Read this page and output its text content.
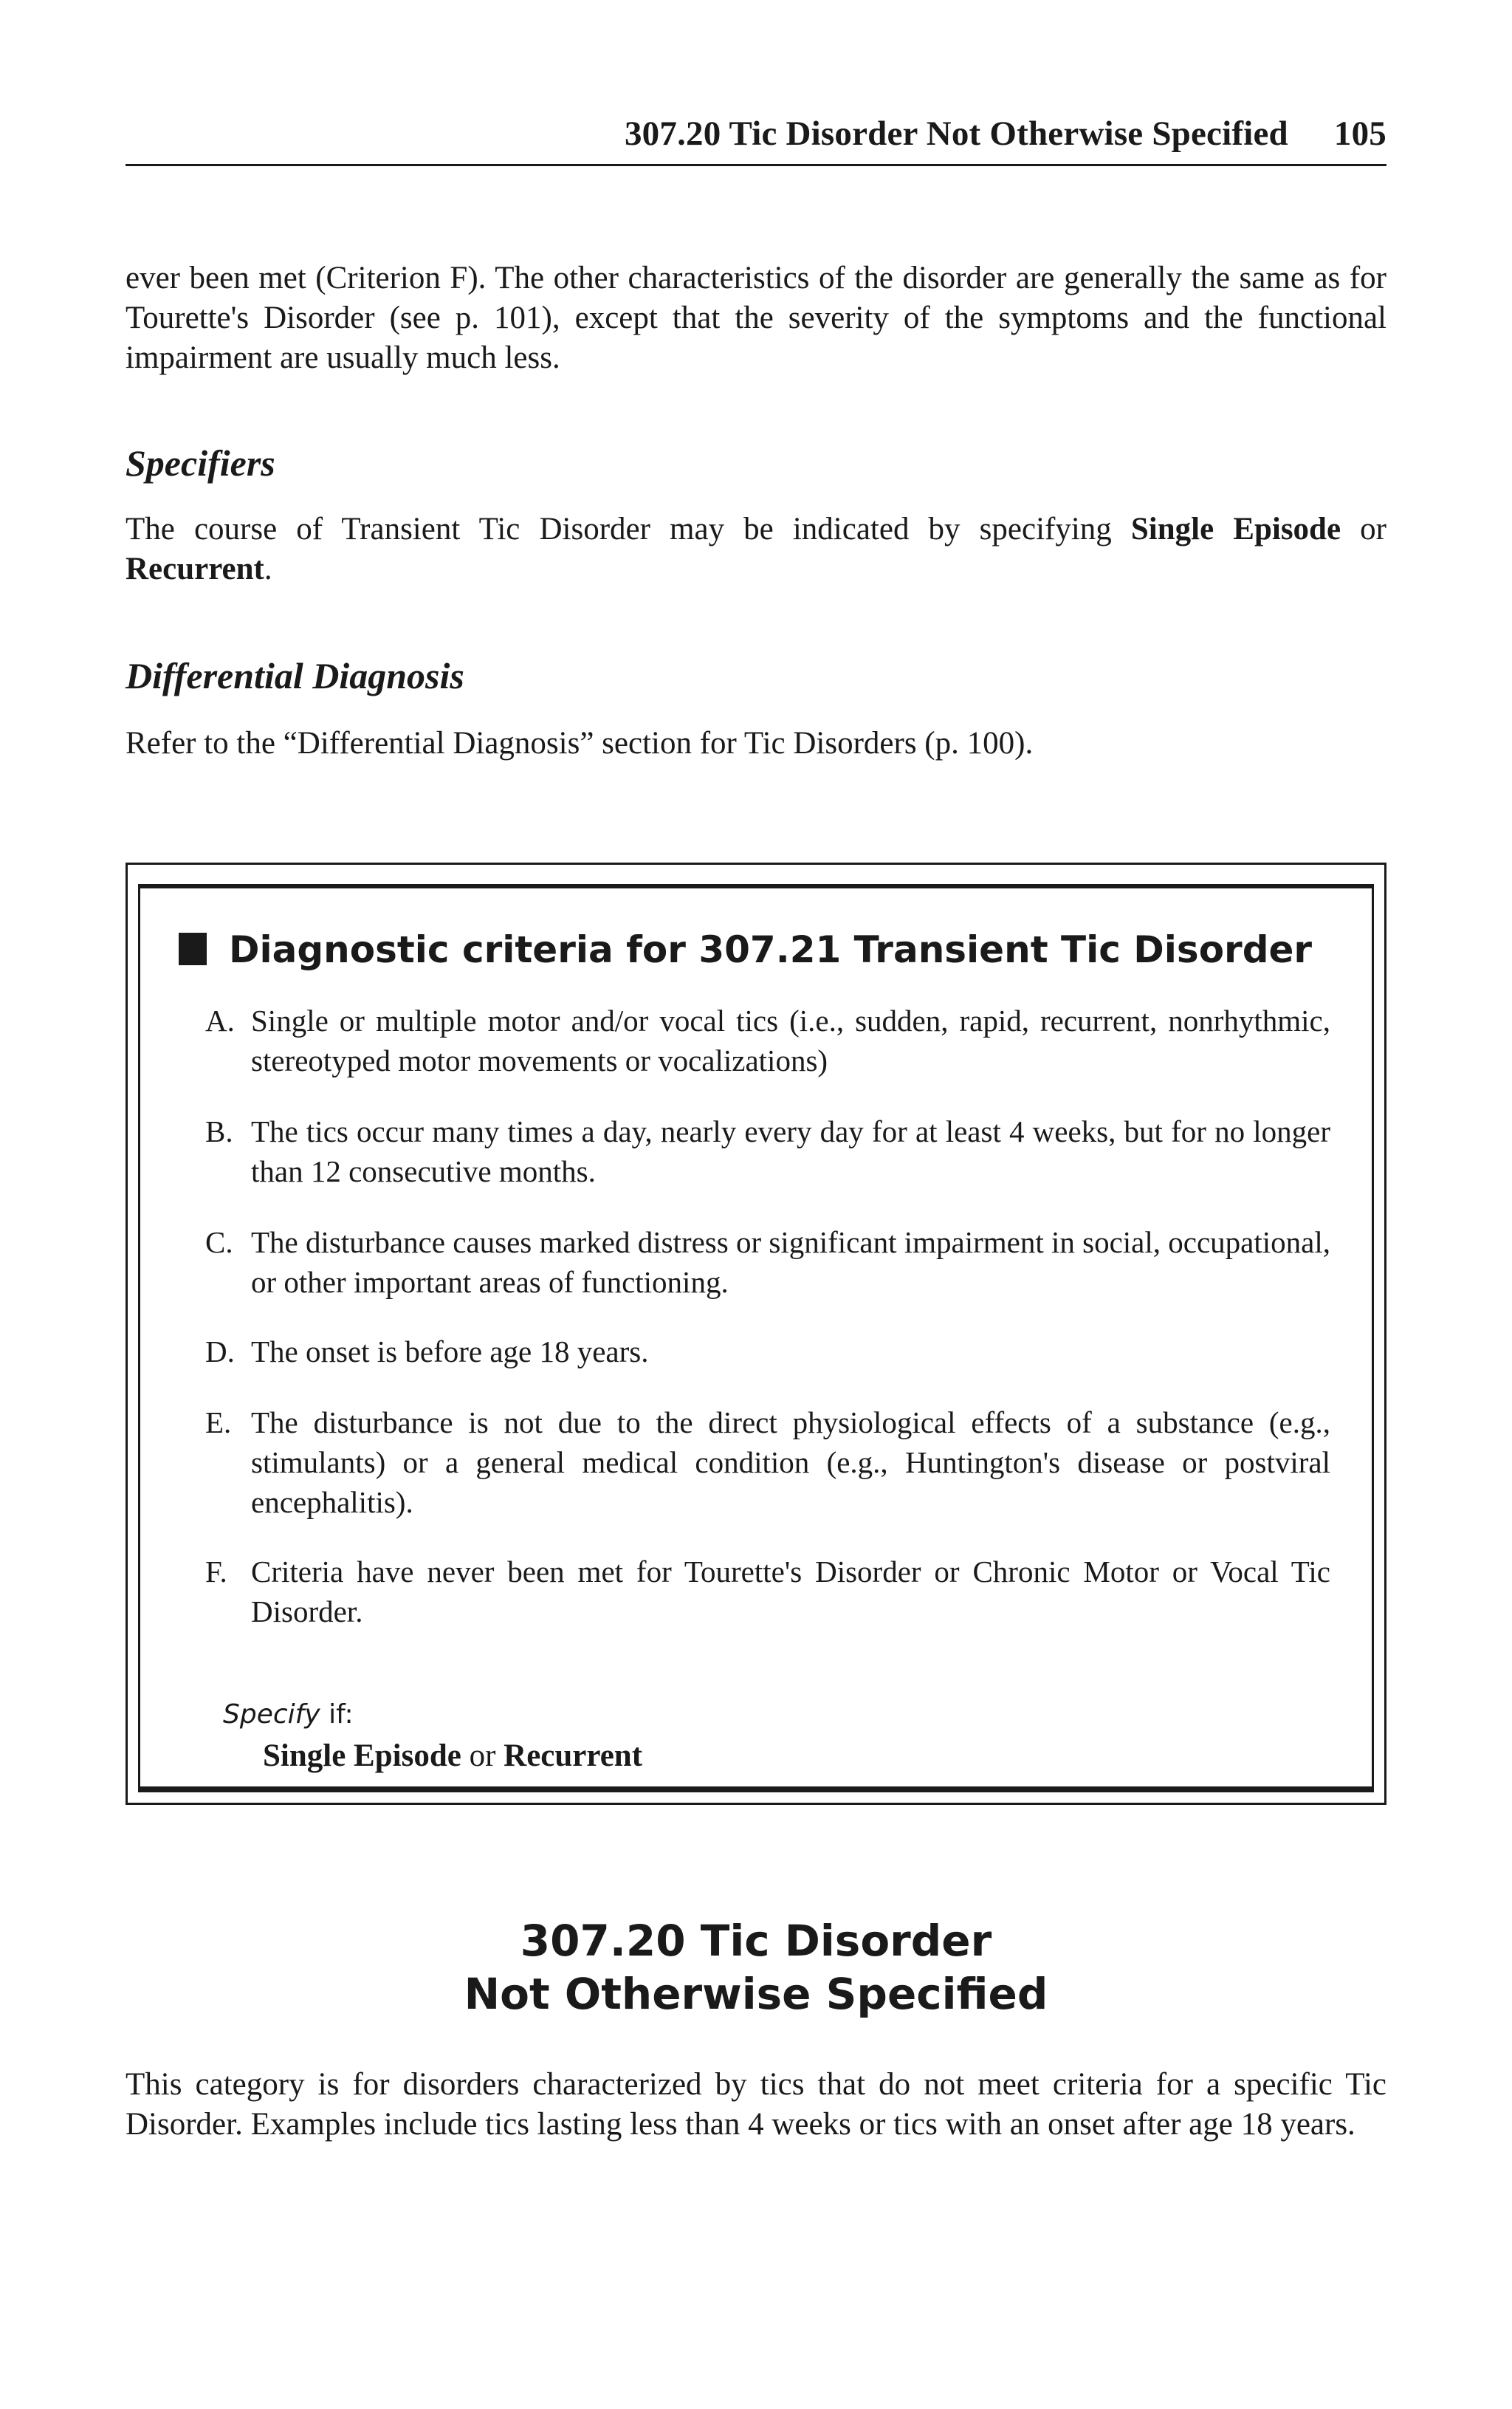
307.20 Tic Disorder Not Otherwise Specified 105

ever been met (Criterion F). The other characteristics of the disorder are generally the same as for Tourette's Disorder (see p. 101), except that the severity of the symptoms and the functional impairment are usually much less.

Specifiers

The course of Transient Tic Disorder may be indicated by specifying Single Episode or Recurrent.

Differential Diagnosis

Refer to the “Differential Diagnosis” section for Tic Disorders (p. 100).

Diagnostic criteria for 307.21 Transient Tic Disorder
A. Single or multiple motor and/or vocal tics (i.e., sudden, rapid, recurrent, nonrhythmic, stereotyped motor movements or vocalizations)
B. The tics occur many times a day, nearly every day for at least 4 weeks, but for no longer than 12 consecutive months.
C. The disturbance causes marked distress or significant impairment in social, occupational, or other important areas of functioning.
D. The onset is before age 18 years.
E. The disturbance is not due to the direct physiological effects of a substance (e.g., stimulants) or a general medical condition (e.g., Huntington's disease or postviral encephalitis).
F. Criteria have never been met for Tourette's Disorder or Chronic Motor or Vocal Tic Disorder.
Specify if:
Single Episode or Recurrent
307.20 Tic Disorder
Not Otherwise Specified

This category is for disorders characterized by tics that do not meet criteria for a specific Tic Disorder. Examples include tics lasting less than 4 weeks or tics with an onset after age 18 years.
